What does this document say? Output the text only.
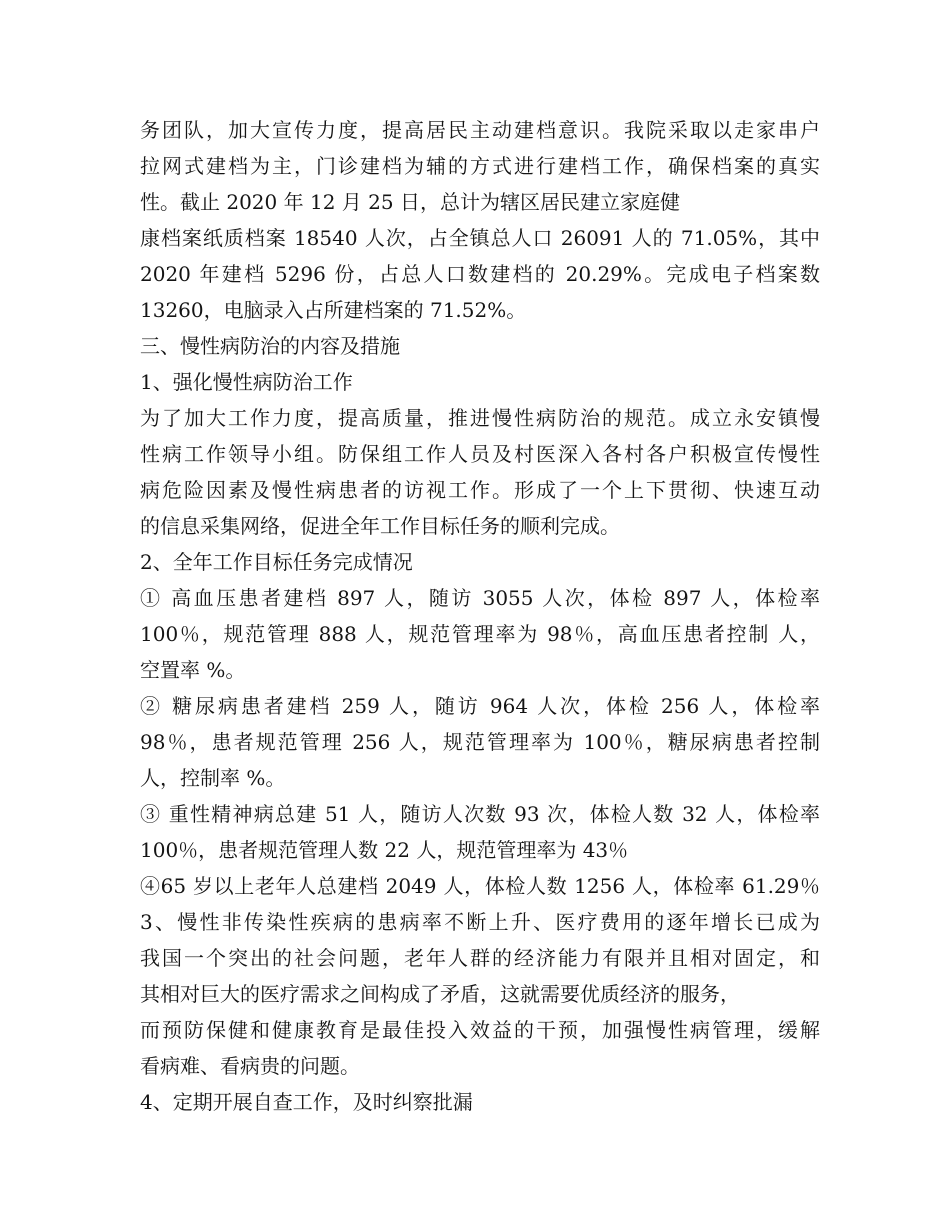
务团队，加大宣传力度，提高居民主动建档意识。我院采取以走家串户
拉网式建档为主，门诊建档为辅的方式进行建档工作，确保档案的真实
性。截止 2020 年 12 月 25 日，总计为辖区居民建立家庭健
康档案纸质档案 18540 人次，占全镇总人口 26091 人的 71.05%，其中
2020 年建档 5296 份，占总人口数建档的 20.29%。完成电子档案数
13260，电脑录入占所建档案的 71.52%。
三、慢性病防治的内容及措施
1、强化慢性病防治工作
为了加大工作力度，提高质量，推进慢性病防治的规范。成立永安镇慢
性病工作领导小组。防保组工作人员及村医深入各村各户积极宣传慢性
病危险因素及慢性病患者的访视工作。形成了一个上下贯彻、快速互动
的信息采集网络，促进全年工作目标任务的顺利完成。
2、全年工作目标任务完成情况
① 高血压患者建档 897 人，随访 3055 人次，体检 897 人，体检率
100％，规范管理 888 人，规范管理率为 98％，高血压患者控制 人，
空置率 %。
② 糖尿病患者建档 259 人，随访 964 人次，体检 256 人，体检率
98％，患者规范管理 256 人，规范管理率为 100％，糖尿病患者控制
人，控制率 %。
③ 重性精神病总建 51 人，随访人次数 93 次，体检人数 32 人，体检率
100％，患者规范管理人数 22 人，规范管理率为 43％
④65 岁以上老年人总建档 2049 人，体检人数 1256 人，体检率 61.29％
3、慢性非传染性疾病的患病率不断上升、医疗费用的逐年增长已成为
我国一个突出的社会问题，老年人群的经济能力有限并且相对固定，和
其相对巨大的医疗需求之间构成了矛盾，这就需要优质经济的服务，
而预防保健和健康教育是最佳投入效益的干预，加强慢性病管理，缓解
看病难、看病贵的问题。
4、定期开展自查工作，及时纠察批漏
